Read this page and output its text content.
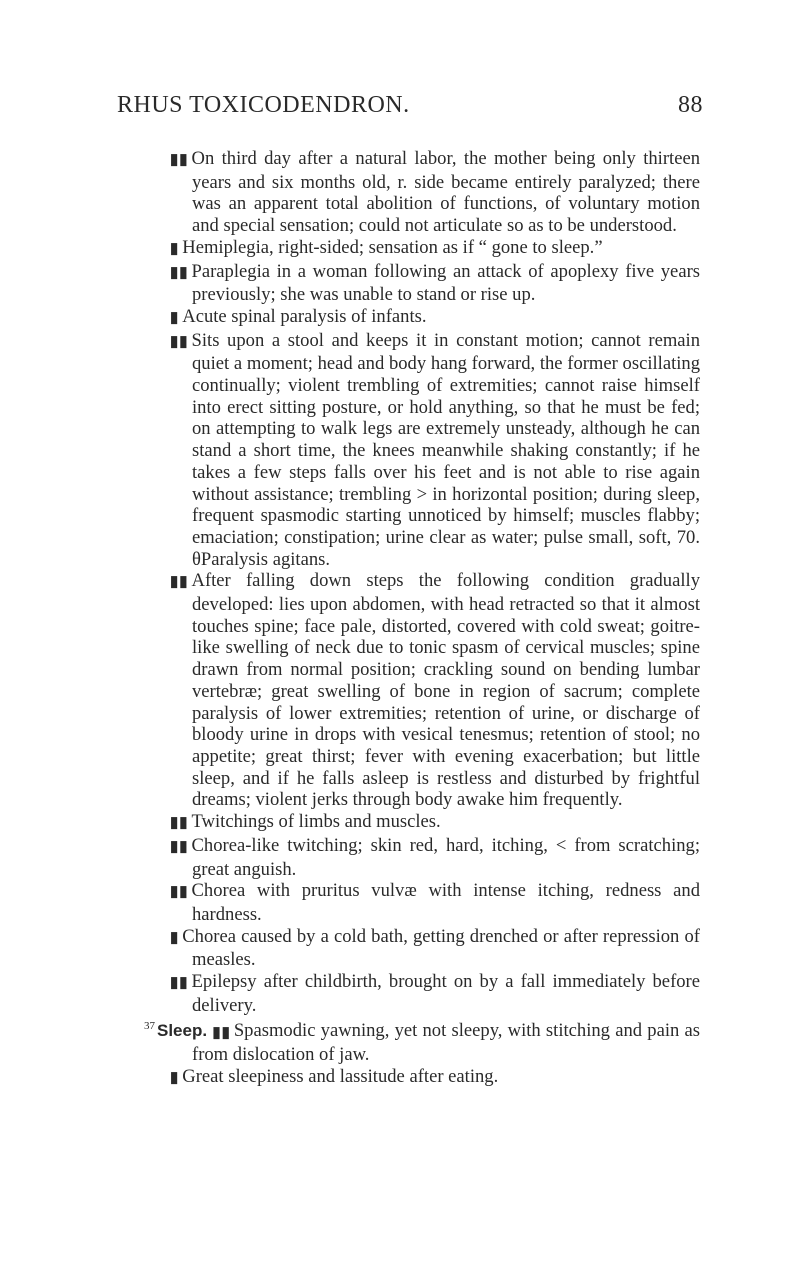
RHUS TOXICODENDRON.	88

▮▮ On third day after a natural labor, the mother being only thirteen years and six months old, r. side became entirely paralyzed; there was an apparent total abolition of functions, of voluntary motion and special sensation; could not articulate so as to be understood.

▮ Hemiplegia, right-sided; sensation as if “ gone to sleep.”

▮▮ Paraplegia in a woman following an attack of apoplexy five years previously; she was unable to stand or rise up.

▮ Acute spinal paralysis of infants.

▮▮ Sits upon a stool and keeps it in constant motion; cannot remain quiet a moment; head and body hang forward, the former oscillating continually; violent trembling of extremities; cannot raise himself into erect sitting posture, or hold anything, so that he must be fed; on attempting to walk legs are extremely unsteady, although he can stand a short time, the knees meanwhile shaking constantly; if he takes a few steps falls over his feet and is not able to rise again without assistance; trembling > in horizontal position; during sleep, frequent spasmodic starting unnoticed by himself; muscles flabby; emaciation; constipation; urine clear as water; pulse small, soft, 70. θParalysis agitans.

▮▮ After falling down steps the following condition gradually developed: lies upon abdomen, with head retracted so that it almost touches spine; face pale, distorted, covered with cold sweat; goitre-like swelling of neck due to tonic spasm of cervical muscles; spine drawn from normal position; crackling sound on bending lumbar vertebræ; great swelling of bone in region of sacrum; complete paralysis of lower extremities; retention of urine, or discharge of bloody urine in drops with vesical tenesmus; retention of stool; no appetite; great thirst; fever with evening exacerbation; but little sleep, and if he falls asleep is restless and disturbed by frightful dreams; violent jerks through body awake him frequently.

▮▮ Twitchings of limbs and muscles.

▮▮ Chorea-like twitching; skin red, hard, itching, < from scratching; great anguish.

▮▮ Chorea with pruritus vulvæ with intense itching, redness and hardness.

▮ Chorea caused by a cold bath, getting drenched or after repression of measles.

▮▮ Epilepsy after childbirth, brought on by a fall immediately before delivery.

$^{37}$ Sleep. ▮▮ Spasmodic yawning, yet not sleepy, with stitching and pain as from dislocation of jaw.

▮ Great sleepiness and lassitude after eating.
